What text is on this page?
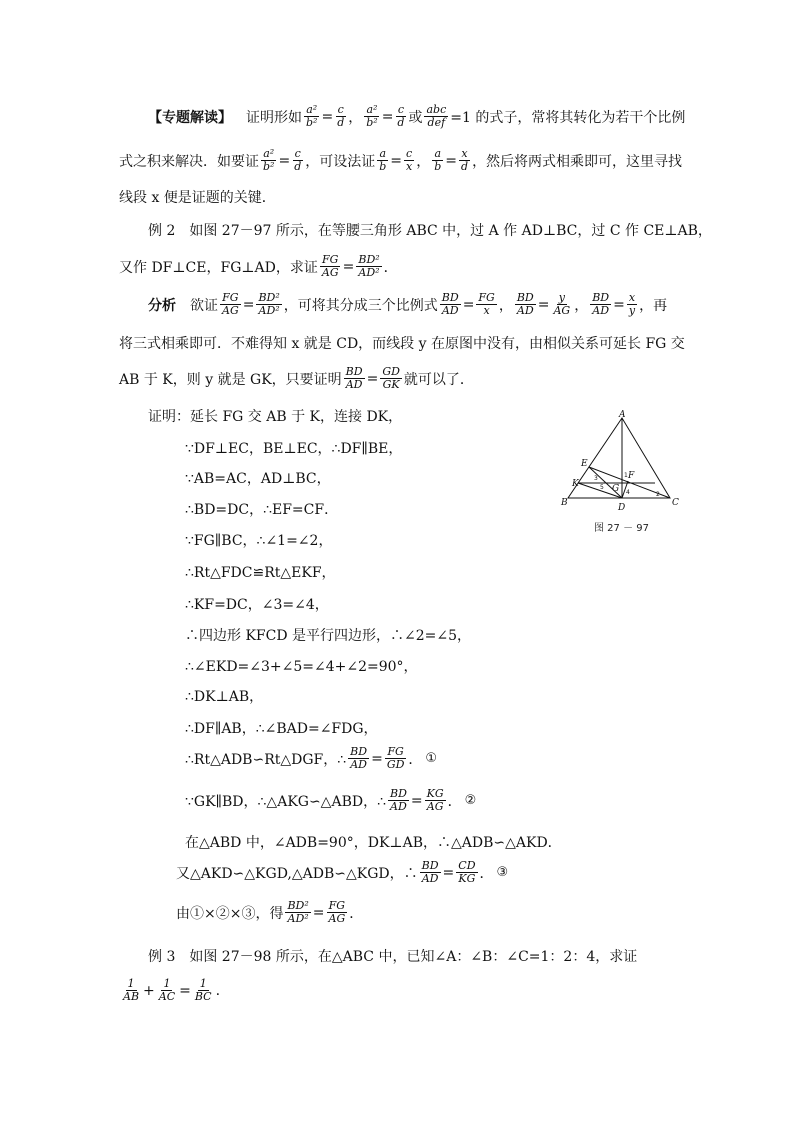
【专题解读】 证明形如 $\frac{\text{a²}}{\text{b²}} = \frac{c}{d}$ ， $\frac{\text{a²}}{\text{b²}} = \frac{c}{d}$ 或 $\frac{\text{abc}}{\text{def}} =1$ 的式子，常将其转化为若干个比例
式之积来解决．如要证 $\frac{\text{a²}}{\text{b²}} = \frac{c}{d}$ ，可设法证 $\frac{a}{b} = \frac{c}{x}$ ， $\frac{a}{b} = \frac{x}{d}$ ，然后将两式相乘即可，这里寻找
线段 x 便是证题的关键．
例 2　如图 27－97 所示，在等腰三角形 ABC 中，过 A 作 AD⊥BC，过 C 作 CE⊥AB，
又作 DF⊥CE，FG⊥AD，求证 $\frac{FG}{AG} = \frac{\text{BD²}}{\text{AD²}}$ ．
分析 　欲证 $\frac{FG}{AG} = \frac{\text{BD²}}{\text{AD²}}$ ，可将其分成三个比例式 $\frac{BD}{AD} = \frac{FG}{x}$ ， $\frac{BD}{AD} = \frac{y}{AG}$ ， $\frac{BD}{AD} = \frac{x}{y}$ ，再
将三式相乘即可．不难得知 x 就是 CD，而线段 y 在原图中没有，由相似关系可延长 FG 交
AB 于 K，则 y 就是 GK，只要证明 $\frac{BD}{AD} = \frac{GD}{GK}$ 就可以了．
证明：延长 FG 交 AB 于 K，连接 DK，
∵DF⊥EC，BE⊥EC，∴DF∥BE，
∵AB=AC，AD⊥BC，
∴BD=DC，∴EF=CF．
∵FG∥BC，∴∠1=∠2，
∴Rt△FDC≌Rt△EKF，
∴KF=DC，∠3=∠4，
∴四边形 KFCD 是平行四边形，∴∠2=∠5，
∴∠EKD=∠3+∠5=∠4+∠2=90°，
∴DK⊥AB，
∴DF∥AB，∴∠BAD=∠FDG，
∴Rt△ADB∽Rt△DGF，∴ $\frac{BD}{AD} = \frac{FG}{GD}$ ． ①
∵GK∥BD，∴△AKG∽△ABD，∴ $\frac{BD}{AD} = \frac{KG}{AG}$ ． ②
在△ABD 中，∠ADB=90°，DK⊥AB，∴△ADB∽△AKD．
又△AKD∽△KGD,△ADB∽△KGD，∴ $\frac{BD}{AD} = \frac{CD}{KG}$ ． ③
由①×②×③，得 $\frac{\text{BD²}}{\text{AD²}} = \frac{FG}{AG}$ ．
例 3　如图 27－98 所示，在△ABC 中，已知∠A：∠B：∠C=1：2：4，求证
$\frac{1}{AB} + \frac{1}{AC} = \frac{1}{BC}$ .
A
B	C
D
E
F
G
K
1
2
3
4
5
图 27 － 97
